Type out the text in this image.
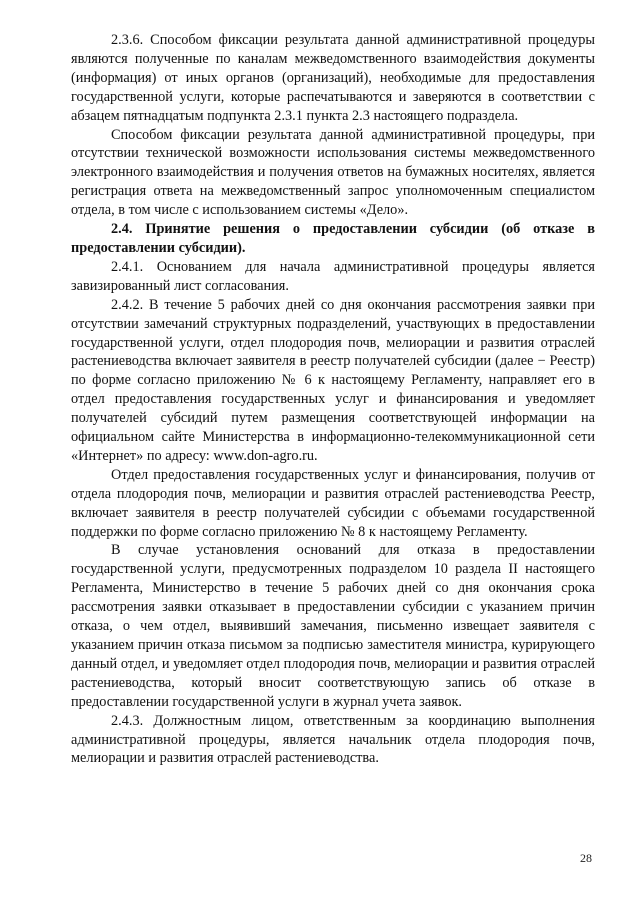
2.3.6. Способом фиксации результата данной административной процедуры являются полученные по каналам межведомственного взаимодействия документы (информация) от иных органов (организаций), необходимые для предоставления государственной услуги, которые распечатываются и заверяются в соответствии с абзацем пятнадцатым подпункта 2.3.1 пункта 2.3 настоящего подраздела.

Способом фиксации результата данной административной процедуры, при отсутствии технической возможности использования системы межведомственного электронного взаимодействия и получения ответов на бумажных носителях, является регистрация ответа на межведомственный запрос уполномоченным специалистом отдела, в том числе с использованием системы «Дело».

2.4. Принятие решения о предоставлении субсидии (об отказе в предоставлении субсидии).

2.4.1. Основанием для начала административной процедуры является завизированный лист согласования.

2.4.2. В течение 5 рабочих дней со дня окончания рассмотрения заявки при отсутствии замечаний структурных подразделений, участвующих в предоставлении государственной услуги, отдел плодородия почв, мелиорации и развития отраслей растениеводства включает заявителя в реестр получателей субсидии (далее − Реестр) по форме согласно приложению № 6 к настоящему Регламенту, направляет его в отдел предоставления государственных услуг и финансирования и уведомляет получателей субсидий путем размещения соответствующей информации на официальном сайте Министерства в информационно-телекоммуникационной сети «Интернет» по адресу: www.don-agro.ru.

Отдел предоставления государственных услуг и финансирования, получив от отдела плодородия почв, мелиорации и развития отраслей растениеводства Реестр, включает заявителя в реестр получателей субсидии с объемами государственной поддержки по форме согласно приложению № 8 к настоящему Регламенту.

В случае установления оснований для отказа в предоставлении государственной услуги, предусмотренных подразделом 10 раздела II настоящего Регламента, Министерство в течение 5 рабочих дней со дня окончания срока рассмотрения заявки отказывает в предоставлении субсидии с указанием причин отказа, о чем отдел, выявивший замечания, письменно извещает заявителя с указанием причин отказа письмом за подписью заместителя министра, курирующего данный отдел, и уведомляет отдел плодородия почв, мелиорации и развития отраслей растениеводства, который вносит соответствующую запись об отказе в предоставлении государственной услуги в журнал учета заявок.

2.4.3. Должностным лицом, ответственным за координацию выполнения административной процедуры, является начальник отдела плодородия почв, мелиорации и развития отраслей растениеводства.

28
